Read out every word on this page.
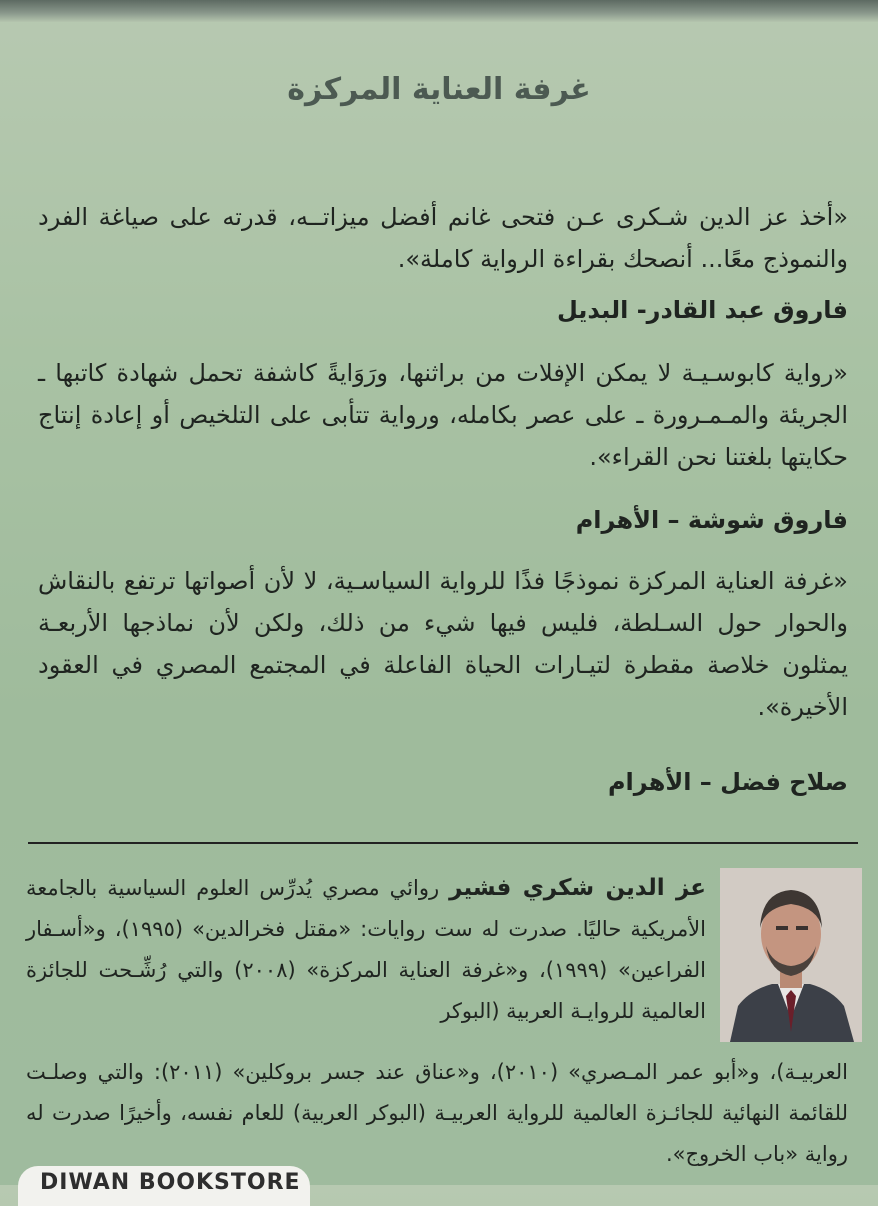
غرفة العناية المركزة
«أخذ عز الدين شـكرى عـن فتحى غانم أفضل ميزاتــه، قدرته على صياغة الفرد والنموذج معًا... أنصحك بقراءة الرواية كاملة».
فاروق عبد القادر- البديل
«رواية كابوسـيـة لا يمكن الإفلات من براثنها، ورَوَايةً كاشفة تحمل شهادة كاتبها ـ الجريئة والمـمـرورة ـ على عصر بكامله، ورواية تتأبى على التلخيص أو إعادة إنتاج حكايتها بلغتنا نحن القراء».
فاروق شوشة – الأهرام
«غرفة العناية المركزة نموذجًا فذًا للرواية السياسـية، لا لأن أصواتها ترتفع بالنقاش والحوار حول السـلطة، فليس فيها شيء من ذلك، ولكن لأن نماذجها الأربعـة يمثلون خلاصة مقطرة لتيـارات الحياة الفاعلة في المجتمع المصري في العقود الأخيرة».
صلاح فضل – الأهرام
عز الدين شكري فشير روائي مصري يُدرِّس العلوم السياسية بالجامعة الأمريكية حاليًا. صدرت له ست روايات: «مقتل فخرالدين» (١٩٩٥)، و«أسـفار الفراعين» (١٩٩٩)، و«غرفة العناية المركزة» (٢٠٠٨) والتي رُشِّـحت للجائزة العالمية للروايـة العربية (البوكر
العربيـة)، و«أبو عمر المـصري» (٢٠١٠)، و«عناق عند جسر بروكلين» (٢٠١١): والتي وصلـت للقائمة النهائية للجائـزة العالمية للرواية العربيـة (البوكر العربية) للعام نفسه، وأخيرًا صدرت له رواية «باب الخروج».
DIWAN BOOKSTORE
